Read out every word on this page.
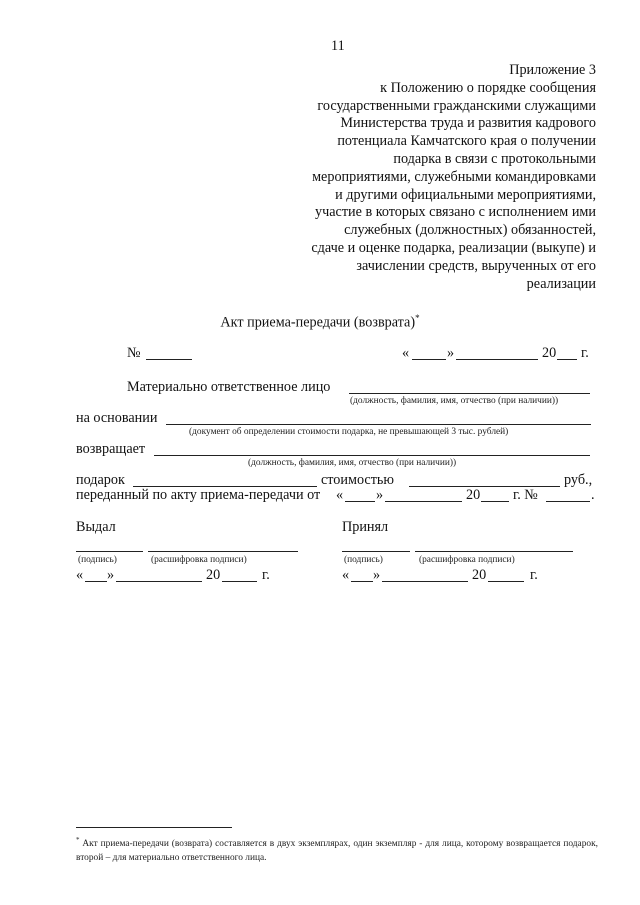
11
Приложение 3
к Положению о порядке сообщения
государственными гражданскими служащими
Министерства труда и развития кадрового
потенциала Камчатского края о получении
подарка в связи с протокольными
мероприятиями, служебными командировками
и другими официальными мероприятиями,
участие в которых связано с исполнением ими
служебных (должностных) обязанностей,
сдаче и оценке подарка, реализации (выкупе) и
зачислении средств, вырученных от его
реализации
Акт приема-передачи (возврата)*
№	«	»	20 г.
Материально ответственное лицо
(должность, фамилия, имя, отчество (при наличии))
на основании
(документ об определении стоимости подарка, не превышающей 3 тыс. рублей)
возвращает
(должность, фамилия, имя, отчество (при наличии))
подарок	стоимостью	руб.,
переданный по акту приема-передачи от « »	20 г. №	.
Выдал
(подпись)	(расшифровка подписи)
« »	20	г.
Принял
(подпись)	(расшифровка подписи)
« »	20	г.
* Акт приема-передачи (возврата) составляется в двух экземплярах, один экземпляр - для лица, которому возвращается подарок, второй – для материально ответственного лица.
